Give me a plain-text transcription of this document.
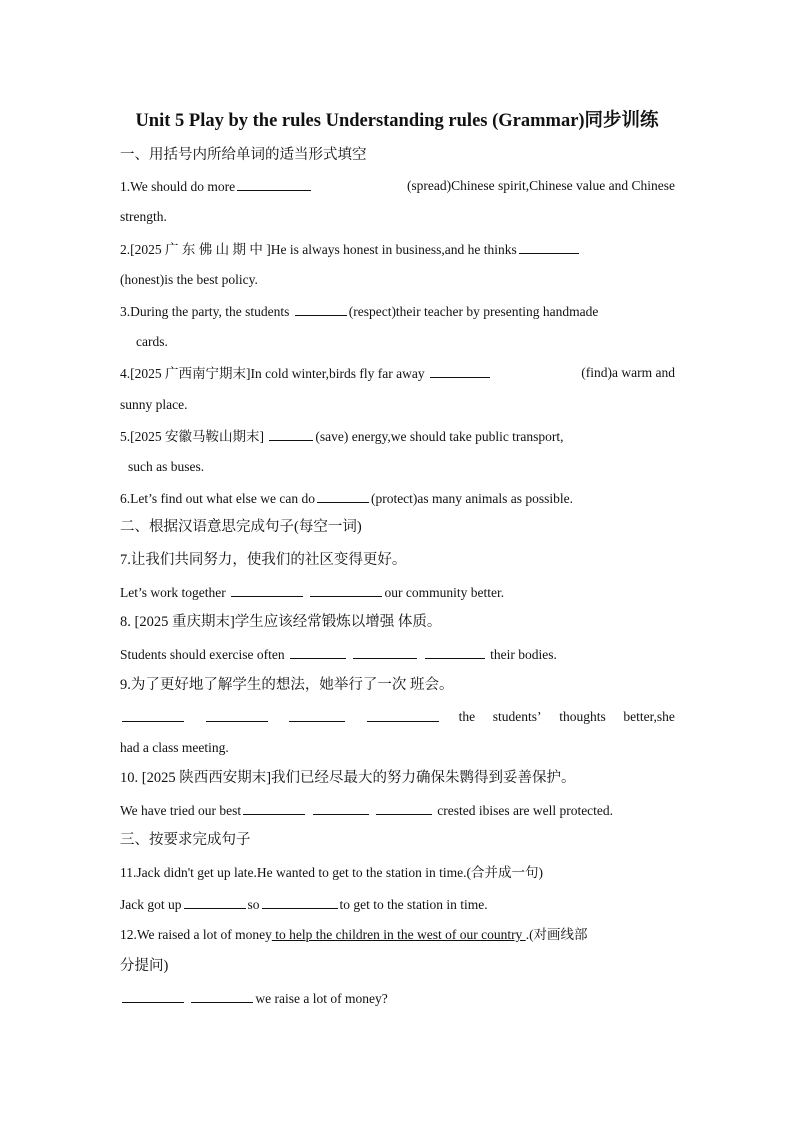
Unit 5 Play by the rules Understanding rules (Grammar)同步训练
一、用括号内所给单词的适当形式填空
1.We should do more	(spread)Chinese spirit,Chinese value and Chinese
strength.
2.[2025 广 东 佛 山 期 中 ]He is always honest in business,and he thinks
(honest)is the best policy.
3.During the party, the students	(respect)their teacher by presenting handmade
cards.
4.[2025 广西南宁期末]In cold winter,birds fly far away	(find)a warm and
sunny place.
5.[2025 安徽马鞍山期末]	(save) energy,we should take public transport,
such as buses.
6.Let’s find out what else we can do	(protect)as many animals as possible.
二、根据汉语意思完成句子(每空一词)
7.让我们共同努力，使我们的社区变得更好。
Let’s work together	our community better.
8. [2025 重庆期末]学生应该经常锻炼以增强 体质。
Students should exercise often	their bodies.
9.为了更好地了解学生的想法，她举行了一次 班会。
the students’ thoughts better,she
had a class meeting.
10. [2025 陕西西安期末]我们已经尽最大的努力确保朱鹮得到妥善保护。
We have tried our best	crested ibises are well protected.
三、按要求完成句子
11.Jack didn't get up late.He wanted to get to the station in time.(合并成一句)
Jack got up	so	to get to the station in time.
12.We raised a lot of money to help the children in the west of our country .(对画线部
分提问)
we raise a lot of money?
